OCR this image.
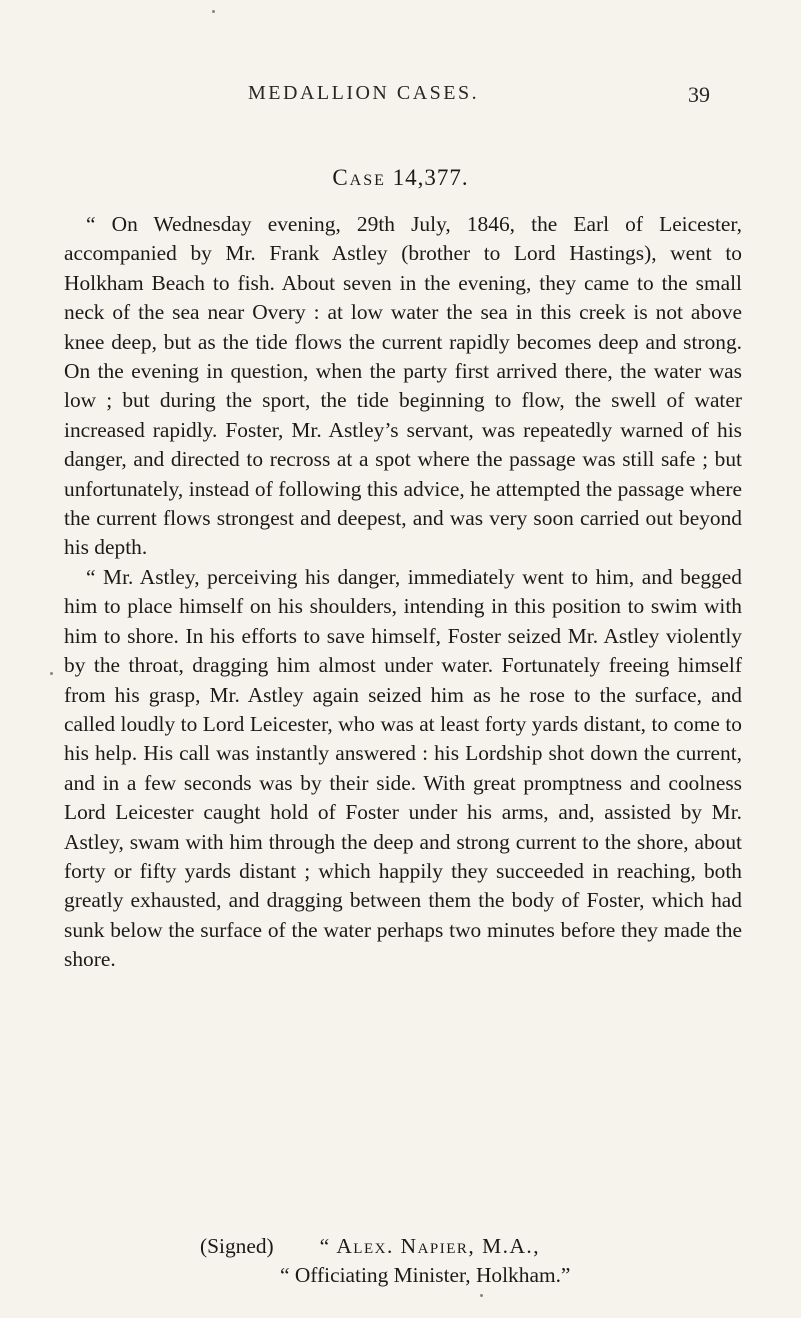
MEDALLION CASES.	39
Case 14,377.

“ On Wednesday evening, 29th July, 1846, the Earl of Leicester, accompanied by Mr. Frank Astley (brother to Lord Hastings), went to Holkham Beach to fish. About seven in the evening, they came to the small neck of the sea near Overy : at low water the sea in this creek is not above knee deep, but as the tide flows the current rapidly becomes deep and strong. On the evening in question, when the party first arrived there, the water was low ; but during the sport, the tide beginning to flow, the swell of water increased rapidly. Foster, Mr. Astley’s servant, was repeatedly warned of his danger, and directed to recross at a spot where the passage was still safe ; but unfortunately, instead of following this advice, he attempted the passage where the current flows strongest and deepest, and was very soon carried out beyond his depth.

“ Mr. Astley, perceiving his danger, immediately went to him, and begged him to place himself on his shoulders, intending in this position to swim with him to shore. In his efforts to save himself, Foster seized Mr. Astley violently by the throat, dragging him almost under water. Fortunately freeing himself from his grasp, Mr. Astley again seized him as he rose to the surface, and called loudly to Lord Leicester, who was at least forty yards distant, to come to his help. His call was instantly answered : his Lordship shot down the current, and in a few seconds was by their side. With great promptness and coolness Lord Leicester caught hold of Foster under his arms, and, assisted by Mr. Astley, swam with him through the deep and strong current to the shore, about forty or fifty yards distant ; which happily they succeeded in reaching, both greatly exhausted, and dragging between them the body of Foster, which had sunk below the surface of the water perhaps two minutes before they made the shore.

(Signed) “ Alex. Napier, M.A.,
“ Officiating Minister, Holkham.”
